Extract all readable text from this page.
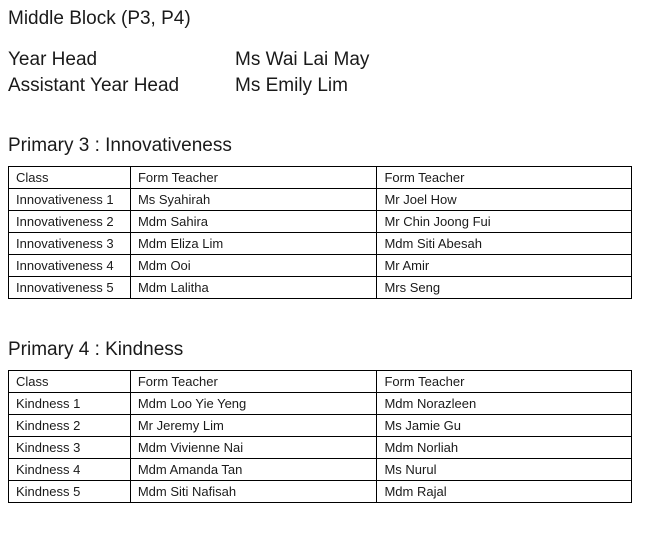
Middle Block (P3, P4)
Year Head	Ms Wai Lai May
Assistant Year Head	Ms Emily Lim
Primary 3 : Innovativeness
Class	Form Teacher	Form Teacher
Innovativeness 1	Ms Syahirah	Mr Joel How
Innovativeness 2	Mdm Sahira	Mr Chin Joong Fui
Innovativeness 3	Mdm Eliza Lim	Mdm Siti Abesah
Innovativeness 4	Mdm Ooi	Mr Amir
Innovativeness 5	Mdm Lalitha	Mrs Seng
Primary 4 : Kindness
Class	Form Teacher	Form Teacher
Kindness 1	Mdm Loo Yie Yeng	Mdm Norazleen
Kindness 2	Mr Jeremy Lim	Ms Jamie Gu
Kindness 3	Mdm Vivienne Nai	Mdm Norliah
Kindness 4	Mdm Amanda Tan	Ms Nurul
Kindness 5	Mdm Siti Nafisah	Mdm Rajal
